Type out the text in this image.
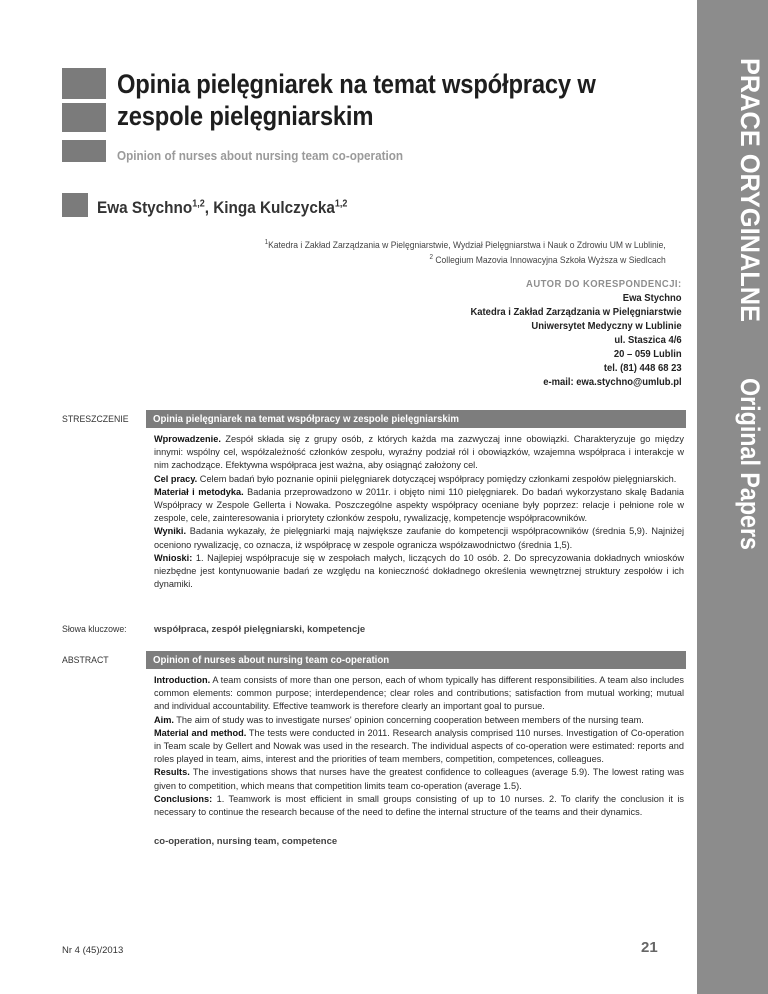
PRACE ORYGINALNE
Original Papers
Opinia pielęgniarek na temat współpracy w zespole pielęgniarskim
Opinion of nurses about nursing team co-operation
Ewa Stychno$^{1,2}$, Kinga Kulczycka$^{1,2}$
$^1$Katedra i Zakład Zarządzania w Pielęgniarstwie, Wydział Pielęgniarstwa i Nauk o Zdrowiu UM w Lublinie,
$^2$ Collegium Mazovia Innowacyjna Szkoła Wyższa w Siedlcach
AUTOR DO KORESPONDENCJI:
Ewa Stychno
Katedra i Zakład Zarządzania w Pielęgniarstwie
Uniwersytet Medyczny w Lublinie
ul. Staszica 4/6
20 – 059 Lublin
tel. (81) 448 68 23
e-mail: ewa.stychno@umlub.pl
STRESZCZENIE	Opinia pielęgniarek na temat współpracy w zespole pielęgniarskim
Wprowadzenie. Zespół składa się z grupy osób, z których każda ma zazwyczaj inne obowiązki. Charakteryzuje go między innymi: wspólny cel, współzależność członków zespołu, wyraźny podział ról i obowiązków, wzajemna współpraca i interakcje w nim zachodzące. Efektywna współpraca jest ważna, aby osiągnąć założony cel.
Cel pracy. Celem badań było poznanie opinii pielęgniarek dotyczącej współpracy pomiędzy członkami zespołów pielęgniarskich.
Materiał i metodyka. Badania przeprowadzono w 2011r. i objęto nimi 110 pielęgniarek. Do badań wykorzystano skalę Badania Współpracy w Zespole Gellerta i Nowaka. Poszczególne aspekty współpracy oceniane były poprzez: relacje i pełnione role w zespole, cele, zainteresowania i priorytety członków zespołu, rywalizację, kompetencje współpracowników.
Wyniki. Badania wykazały, że pielęgniarki mają największe zaufanie do kompetencji współpracowników (średnia 5,9). Najniżej oceniono rywalizację, co oznacza, iż współpracę w zespole ogranicza współzawodnictwo (średnia 1,5).
Wnioski: 1. Najlepiej współpracuje się w zespołach małych, liczących do 10 osób. 2. Do sprecyzowania dokładnych wniosków niezbędne jest kontynuowanie badań ze względu na konieczność dokładnego określenia wewnętrznej struktury zespołów i ich dynamiki.
Słowa kluczowe:	współpraca, zespół pielęgniarski, kompetencje
ABSTRACT	Opinion of nurses about nursing team co-operation
Introduction. A team consists of more than one person, each of whom typically has different responsibilities. A team also includes common elements: common purpose; interdependence; clear roles and contributions; satisfaction from mutual working; mutual and individual accountability. Effective teamwork is therefore clearly an important goal to pursue.
Aim. The aim of study was to investigate nurses' opinion concerning cooperation between members of the nursing team.
Material and method. The tests were conducted in 2011. Research analysis comprised 110 nurses. Investigation of Co-operation in Team scale by Gellert and Nowak was used in the research. The individual aspects of co-operation were estimated: reports and roles played in team, aims, interest and the priorities of team members, competition, competences, colleagues.
Results. The investigations shows that nurses have the greatest confidence to colleagues (average 5.9). The lowest rating was given to competition, which means that competition limits team co-operation (average 1.5).
Conclusions: 1. Teamwork is most efficient in small groups consisting of up to 10 nurses. 2. To clarify the conclusion it is necessary to continue the research because of the need to define the internal structure of the teams and their dynamics.
co-operation, nursing team, competence
Nr 4 (45)/2013	21
